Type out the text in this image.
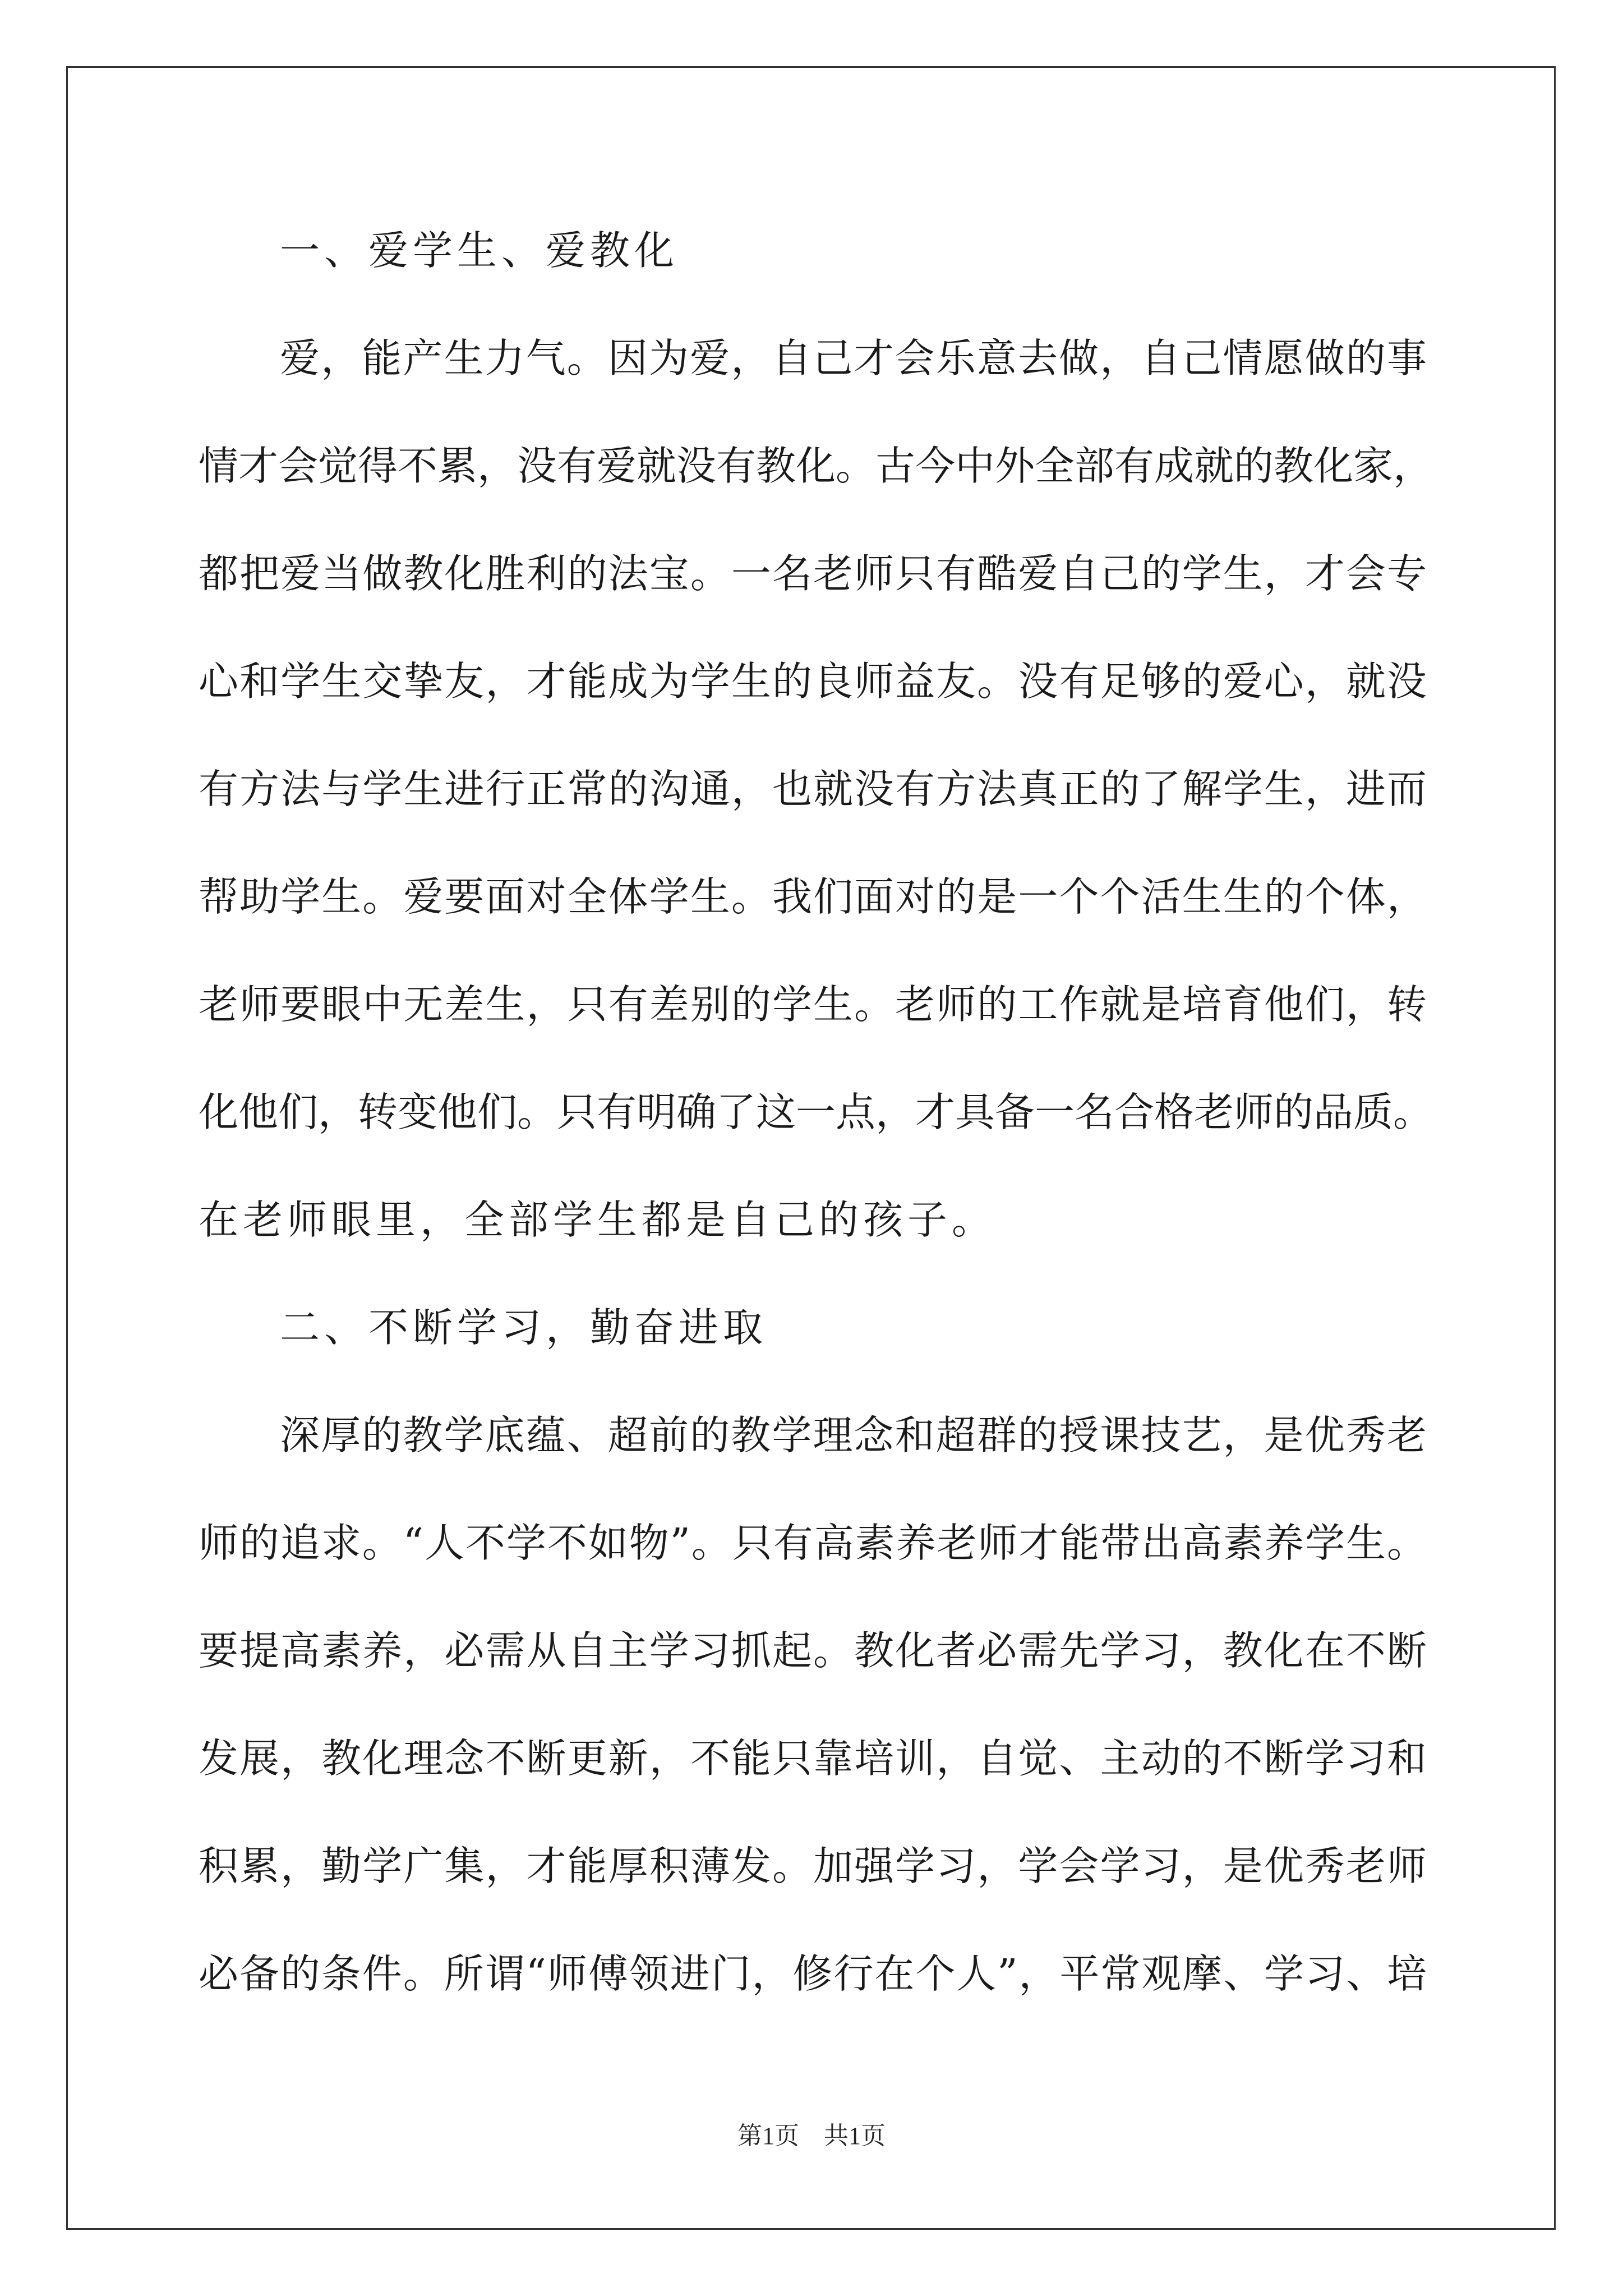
一、爱学生、爱教化
爱，能产生力气。因为爱，自己才会乐意去做，自己情愿做的事
情才会觉得不累，没有爱就没有教化。古今中外全部有成就的教化家，
都把爱当做教化胜利的法宝。一名老师只有酷爱自己的学生，才会专
心和学生交挚友，才能成为学生的良师益友。没有足够的爱心，就没
有方法与学生进行正常的沟通，也就没有方法真正的了解学生，进而
帮助学生。爱要面对全体学生。我们面对的是一个个活生生的个体，
老师要眼中无差生，只有差别的学生。老师的工作就是培育他们，转
化他们，转变他们。只有明确了这一点，才具备一名合格老师的品质。
在老师眼里，全部学生都是自己的孩子。
二、不断学习，勤奋进取
深厚的教学底蕴、超前的教学理念和超群的授课技艺，是优秀老
师的追求。“人不学不如物”。只有高素养老师才能带出高素养学生。
要提高素养，必需从自主学习抓起。教化者必需先学习，教化在不断
发展，教化理念不断更新，不能只靠培训，自觉、主动的不断学习和
积累，勤学广集，才能厚积薄发。加强学习，学会学习，是优秀老师
必备的条件。所谓“师傅领进门，修行在个人”，平常观摩、学习、培
第1页　共1页
